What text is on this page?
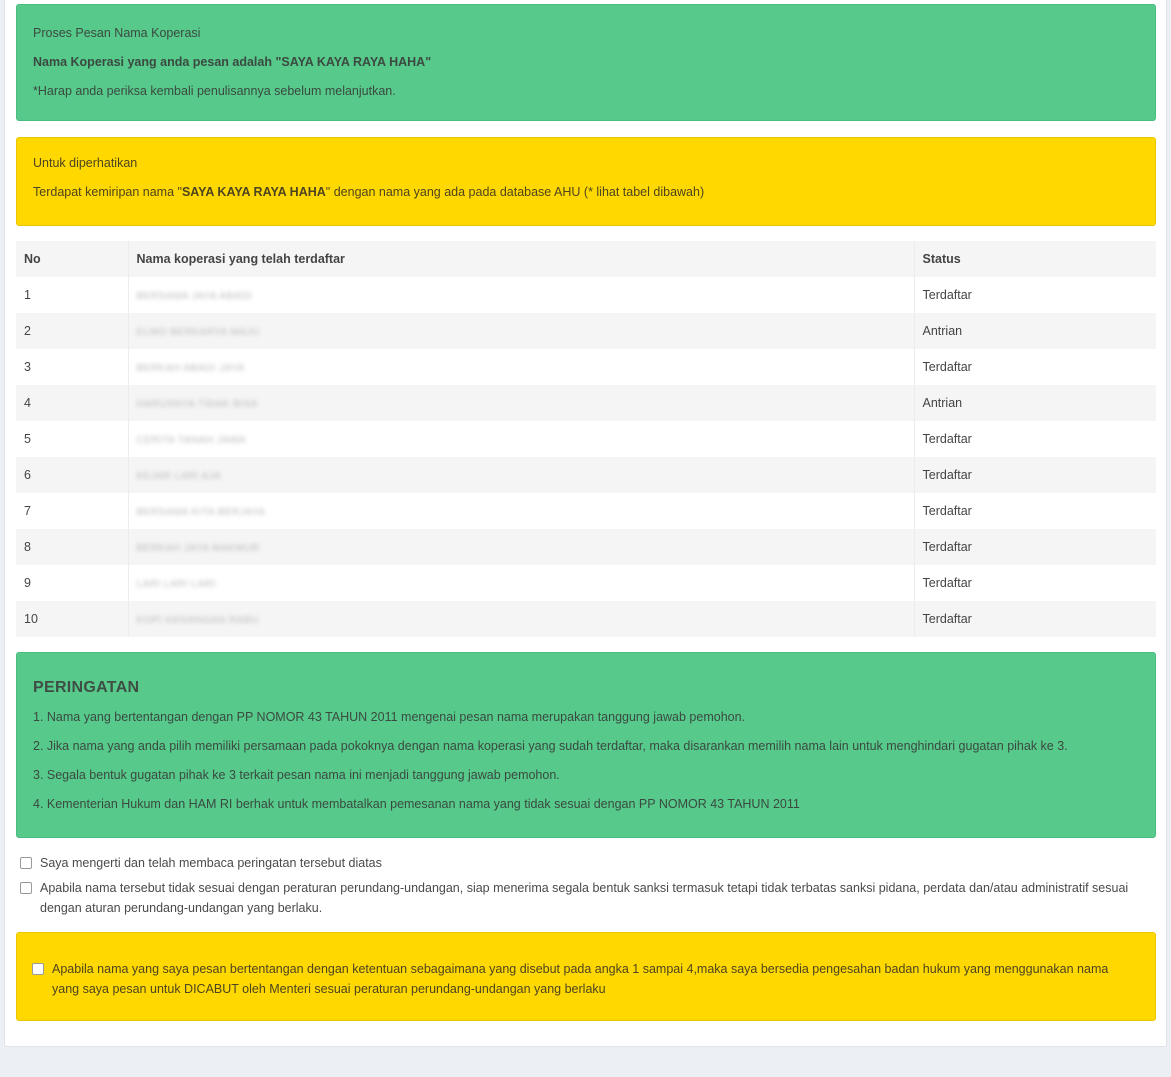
Proses Pesan Nama Koperasi

Nama Koperasi yang anda pesan adalah "SAYA KAYA RAYA HAHA"

*Harap anda periksa kembali penulisannya sebelum melanjutkan.

Untuk diperhatikan

Terdapat kemiripan nama "SAYA KAYA RAYA HAHA" dengan nama yang ada pada database AHU (* lihat tabel dibawah)

No	Nama koperasi yang telah terdaftar	Status
1	BERSAMA JAYA ABADI	Terdaftar
2	ELMO BERKARYA MAJU	Antrian
3	BERKAH ABADI JAYA	Terdaftar
4	HARUSNYA TIDAK BISA	Antrian
5	CERITA TANAH JAWA	Terdaftar
6	KEJAR LARI AJA	Terdaftar
7	BERSAMA KITA BERJAYA	Terdaftar
8	BERKAH JAYA MAKMUR	Terdaftar
9	LARI LARI LARI	Terdaftar
10	KOPI KENANGAN RABU	Terdaftar
PERINGATAN

1. Nama yang bertentangan dengan PP NOMOR 43 TAHUN 2011 mengenai pesan nama merupakan tanggung jawab pemohon.

2. Jika nama yang anda pilih memiliki persamaan pada pokoknya dengan nama koperasi yang sudah terdaftar, maka disarankan memilih nama lain untuk menghindari gugatan pihak ke 3.

3. Segala bentuk gugatan pihak ke 3 terkait pesan nama ini menjadi tanggung jawab pemohon.

4. Kementerian Hukum dan HAM RI berhak untuk membatalkan pemesanan nama yang tidak sesuai dengan PP NOMOR 43 TAHUN 2011

Saya mengerti dan telah membaca peringatan tersebut diatas
Apabila nama tersebut tidak sesuai dengan peraturan perundang-undangan, siap menerima segala bentuk sanksi termasuk tetapi tidak terbatas sanksi pidana, perdata dan/atau administratif sesuai dengan aturan perundang-undangan yang berlaku.
Apabila nama yang saya pesan bertentangan dengan ketentuan sebagaimana yang disebut pada angka 1 sampai 4,maka saya bersedia pengesahan badan hukum yang menggunakan nama yang saya pesan untuk DICABUT oleh Menteri sesuai peraturan perundang-undangan yang berlaku
